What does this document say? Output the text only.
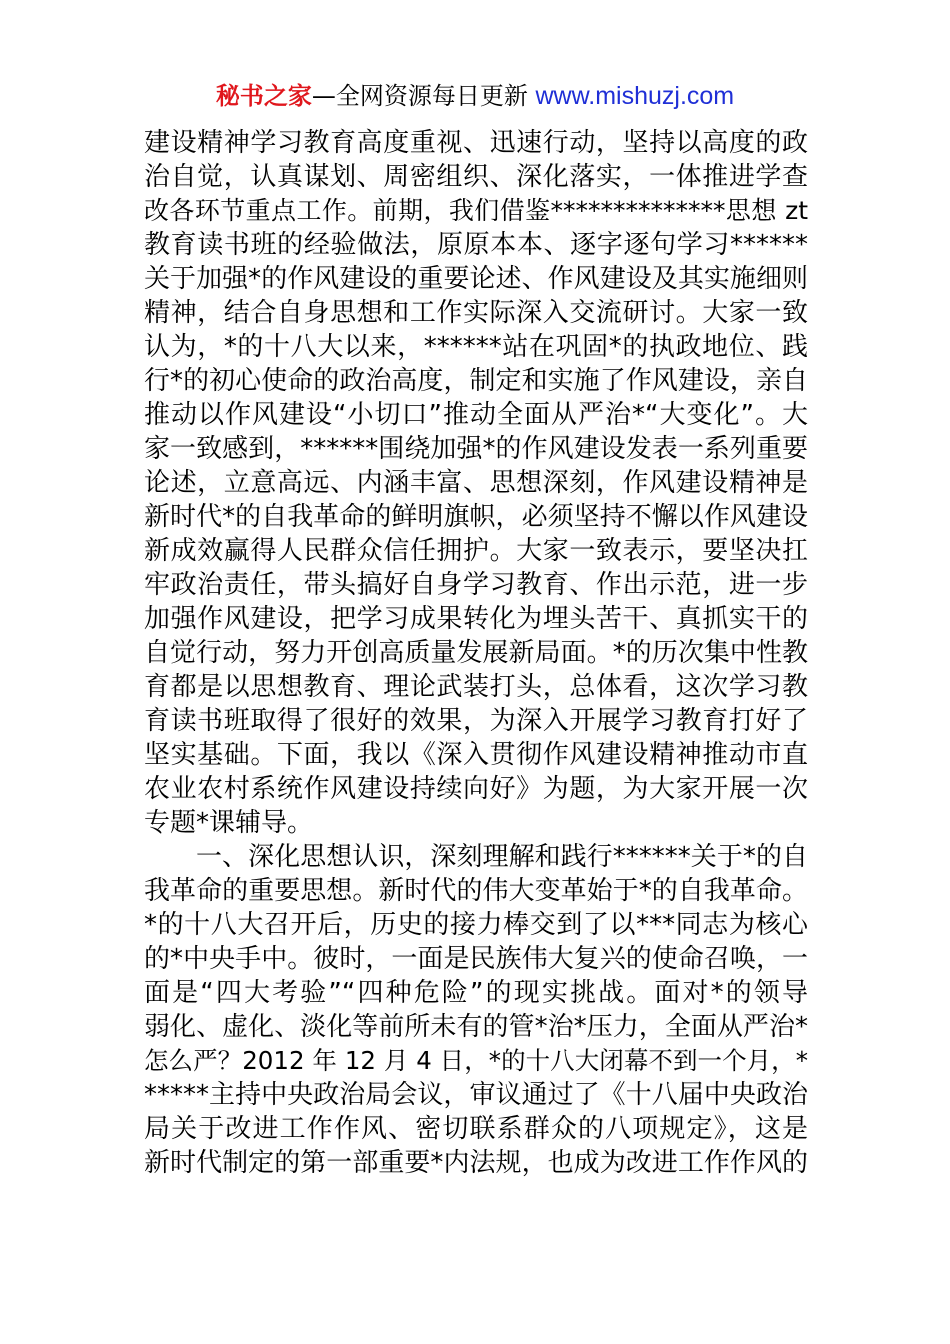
秘书之家—全网资源每日更新 www.mishuzj.com
建设精神学习教育高度重视、迅速行动，坚持以高度的政
治自觉，认真谋划、周密组织、深化落实，一体推进学查
改各环节重点工作。前期，我们借鉴**************思想 zt
教育读书班的经验做法，原原本本、逐字逐句学习******
关于加强*的作风建设的重要论述、作风建设及其实施细则
精神，结合自身思想和工作实际深入交流研讨。大家一致
认为，*的十八大以来，******站在巩固*的执政地位、践
行*的初心使命的政治高度，制定和实施了作风建设，亲自
推动以作风建设“小切口”推动全面从严治*“大变化”。大
家一致感到，******围绕加强*的作风建设发表一系列重要
论述，立意高远、内涵丰富、思想深刻，作风建设精神是
新时代*的自我革命的鲜明旗帜，必须坚持不懈以作风建设
新成效赢得人民群众信任拥护。大家一致表示，要坚决扛
牢政治责任，带头搞好自身学习教育、作出示范，进一步
加强作风建设，把学习成果转化为埋头苦干、真抓实干的
自觉行动，努力开创高质量发展新局面。*的历次集中性教
育都是以思想教育、理论武装打头，总体看，这次学习教
育读书班取得了很好的效果，为深入开展学习教育打好了
坚实基础。下面，我以《深入贯彻作风建设精神推动市直
农业农村系统作风建设持续向好》为题，为大家开展一次
专题*课辅导。
一、深化思想认识，深刻理解和践行******关于*的自
我革命的重要思想。新时代的伟大变革始于*的自我革命。
*的十八大召开后，历史的接力棒交到了以***同志为核心
的*中央手中。彼时，一面是民族伟大复兴的使命召唤，一
面是“四大考验”“四种危险”的现实挑战。面对*的领导
弱化、虚化、淡化等前所未有的管*治*压力，全面从严治*
怎么严？2012 年 12 月 4 日，*的十八大闭幕不到一个月，*
*****主持中央政治局会议，审议通过了《十八届中央政治
局关于改进工作作风、密切联系群众的八项规定》，这是
新时代制定的第一部重要*内法规，也成为改进工作作风的
